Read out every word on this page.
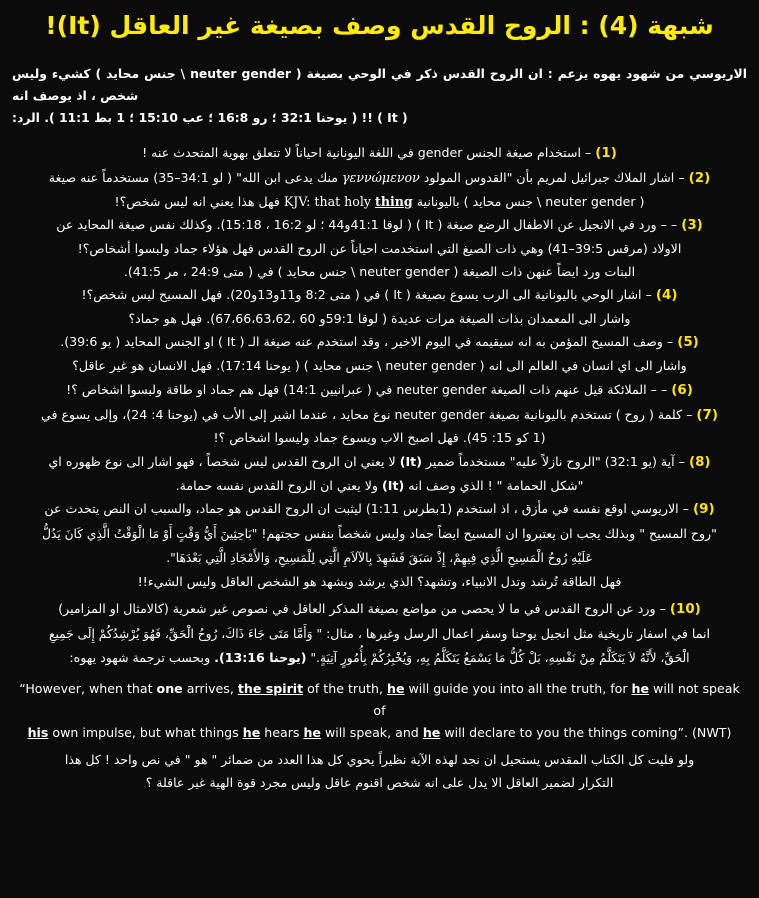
شبهة (4) : الروح القدس وصف بصيغة غير العاقل (It)!
الاريوسي من شهود يهوه يزعم : ان الروح القدس ذكر في الوحي بصيغة ( neuter gender \ جنس محايد ) كشيء وليس شخص ، اذ يوصف انه
( It ) !! ( يوحنا 32:1 ؛ رو 16:8 ؛ عب 15:10 ؛ 1 بط 11:1 ). الرد:
(1) – استخدام صيغة الجنس gender في اللغة اليونانية احياناً لا تتعلق بهوية المتحدث عنه !
(2) – اشار الملاك جبرائيل لمريم بأن "القدوس المولود γεννώμενον منك يدعى ابن الله" ( لو 34:1–35) مستخدماً عنه صيغة
( neuter gender \ جنس محايد ) باليونانية KJV: that holy thing فهل هذا يعني انه ليس شخص؟!
(3) – – ورد في الانجيل عن الاطفال الرضع صيغة ( It ) ( لوقا 41:1و44 ؛ لو 16:2 ، 15:18). وكذلك نفس صيغة المحايد عن
الاولاد (مرقس 39:5–41) وهي ذات الصيغ التي استخدمت احياناً عن الروح القدس فهل هؤلاء جماد ولبسوا أشخاص؟!
البنات ورد ايضاً عنهن ذات الصيغة ( neuter gender \ جنس محايد ) في ( متى 24:9 ، مر 41:5).
(4) – اشار الوحي باليونانية الى الرب يسوع بصيغة ( It ) في ( متى 8:2 و11و13و20). فهل المسيح ليس شخص؟!
واشار الى المعمدان بذات الصيغة مرات عديدة ( لوقا 59:1و 60 ،67،66،63،62). فهل هو جماد؟
(5) – وصف المسيح المؤمن به انه سيقيمه في اليوم الاخير ، وقد استخدم عنه صيغة الـ ( It ) او الجنس المحايد ( يو 39:6).
واشار الى اي انسان في العالم الى انه ( neuter gender \ جنس محايد ) ( يوحنا 17:14). فهل الانسان هو غير عاقل؟
(6) – – الملائكة قيل عنهم ذات الصيغة neuter gender في ( عبرانيين 14:1) فهل هم جماد او طاقة ولبسوا اشخاص ؟!
(7) – كلمة ( روح ) تستخدم باليونانية بصيغة neuter gender نوع محايد ، عندما اشير إلى الأب في (يوحنا 4: 24)، وإلى يسوع في
(1 كو 15: 45). فهل اصبح الاب ويسوع جماد وليسوا اشخاص ؟!
(8) – آية (يو 32:1) "الروح نازلاً عليه" مستخدماً ضمير (It) لا يعني ان الروح القدس ليس شخصاً ، فهو اشار الى نوع ظهوره اي
"شكل الحمامة " ! الذي وصف انه (It) ولا يعني ان الروح القدس نفسه حمامة.
(9) – الاريوسي اوقع نفسه في مأزق ، اذ استخدم (1بطرس 1:11) ليثبت ان الروح القدس هو جماد، والسبب ان النص يتحدث عن
"روح المسيح " وبذلك يجب ان يعتبروا ان المسيح ايضاً جماد وليس شخصاً بنفس حجتهم! "بَاحِثِينَ أَيُّ وَقْتٍ أَوْ مَا الْوَقْتُ الَّذِي كَانَ يَدُلُّ
عَلَيْهِ رُوحُ الْمَسِيحِ الَّذِي فِيهِمْ، إِذْ سَبَقَ فَشَهِدَ بِالآلاَمِ الَّتِي لِلْمَسِيحِ، وَالأَمْجَادِ الَّتِي بَعْدَهَا".
فهل الطاقة تُرشد وتدل الانبياء، وتشهد؟ الذي يرشد ويشهد هو الشخص العاقل وليس الشيء!!
(10) – ورد عن الروح القدس في ما لا يحصى من مواضع بصيغة المذكر العاقل في نصوص غير شعرية (كالامثال او المزامير)
انما في اسفار تاريخية مثل انجيل يوحنا وسفر اعمال الرسل وغيرها ، مثال: " وَأَمَّا مَتَى جَاءَ ذَاكَ، رُوحُ الْحَقِّ، فَهُوَ يُرْشِدُكُمْ إِلَى جَمِيعِ
الْحَقِّ، لأَنَّهُ لاَ يَتَكَلَّمُ مِنْ نَفْسِهِ، بَلْ كُلُّ مَا يَسْمَعُ يَتَكَلَّمُ بِهِ، وَيُخْبِرُكُمْ بِأُمُورٍ آتِيَةٍ." (يوحنا 13:16). وبحسب ترجمة شهود يهوه:
“However, when that one arrives, the spirit of the truth, he will guide you into all the truth, for he will not speak of
his own impulse, but what things he hears he will speak, and he will declare to you the things coming”. (NWT)
ولو فليت كل الكتاب المقدس يستحيل ان نجد لهذه الآية نظيراً يحوي كل هذا العدد من ضمائر " هو " في نص واحد ! كل هذا
التكرار لضمير العاقل الا يدل على انه شخص اقنوم عاقل وليس مجرد قوة الهية غير عاقلة ؟
